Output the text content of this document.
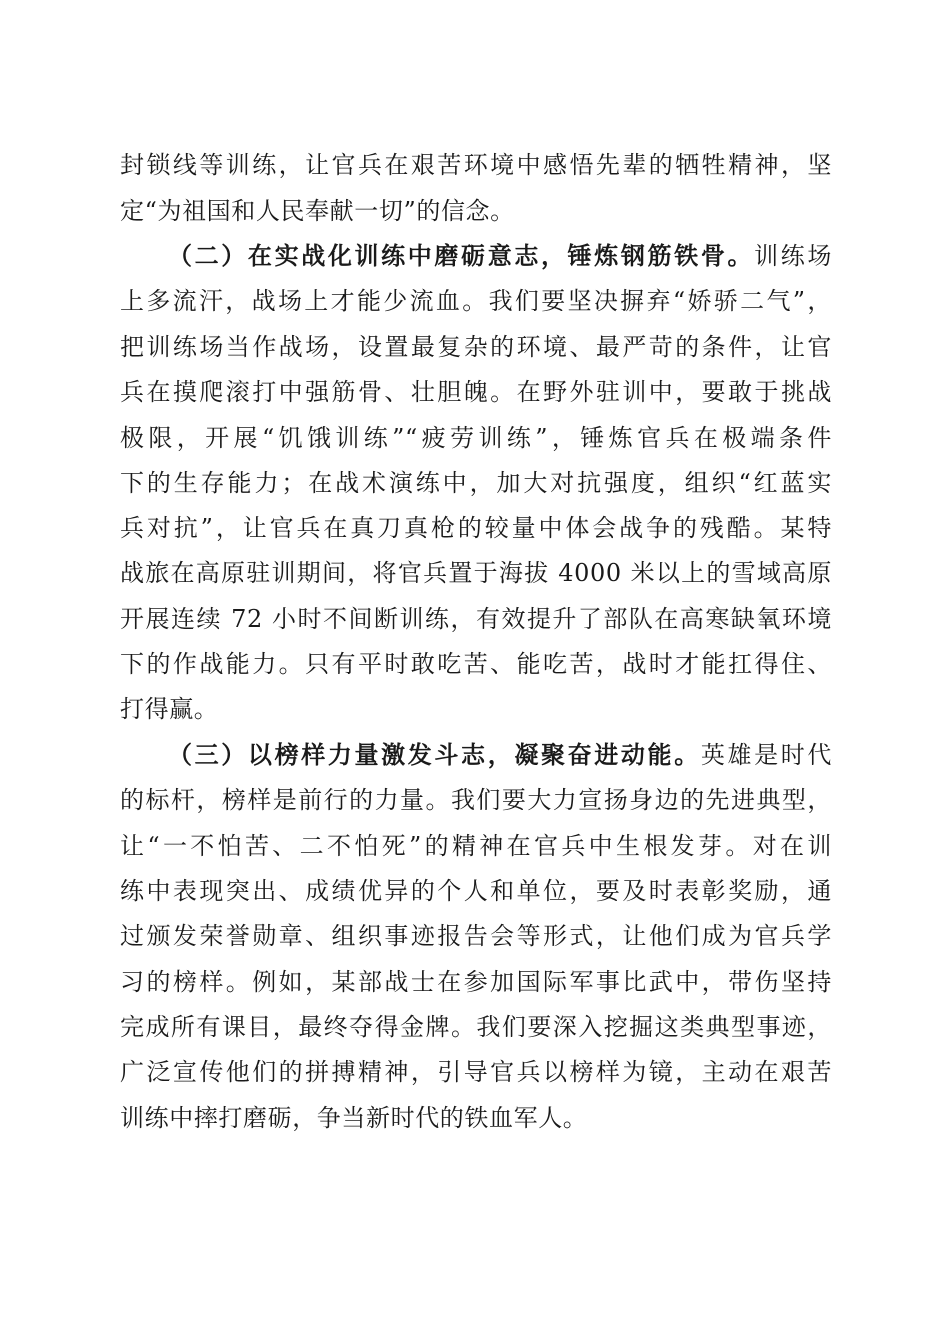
封锁线等训练，让官兵在艰苦环境中感悟先辈的牺牲精神，坚
定“为祖国和人民奉献一切”的信念。
（二）在实战化训练中磨砺意志，锤炼钢筋铁骨。训练场
上多流汗，战场上才能少流血。我们要坚决摒弃“娇骄二气”，
把训练场当作战场，设置最复杂的环境、最严苛的条件，让官
兵在摸爬滚打中强筋骨、壮胆魄。在野外驻训中，要敢于挑战
极限，开展“饥饿训练”“疲劳训练”，锤炼官兵在极端条件
下的生存能力；在战术演练中，加大对抗强度，组织“红蓝实
兵对抗”，让官兵在真刀真枪的较量中体会战争的残酷。某特
战旅在高原驻训期间，将官兵置于海拔 4000 米以上的雪域高原
开展连续 72 小时不间断训练，有效提升了部队在高寒缺氧环境
下的作战能力。只有平时敢吃苦、能吃苦，战时才能扛得住、
打得赢。
（三）以榜样力量激发斗志，凝聚奋进动能。英雄是时代
的标杆，榜样是前行的力量。我们要大力宣扬身边的先进典型，
让“一不怕苦、二不怕死”的精神在官兵中生根发芽。对在训
练中表现突出、成绩优异的个人和单位，要及时表彰奖励，通
过颁发荣誉勋章、组织事迹报告会等形式，让他们成为官兵学
习的榜样。例如，某部战士在参加国际军事比武中，带伤坚持
完成所有课目，最终夺得金牌。我们要深入挖掘这类典型事迹，
广泛宣传他们的拼搏精神，引导官兵以榜样为镜，主动在艰苦
训练中摔打磨砺，争当新时代的铁血军人。
